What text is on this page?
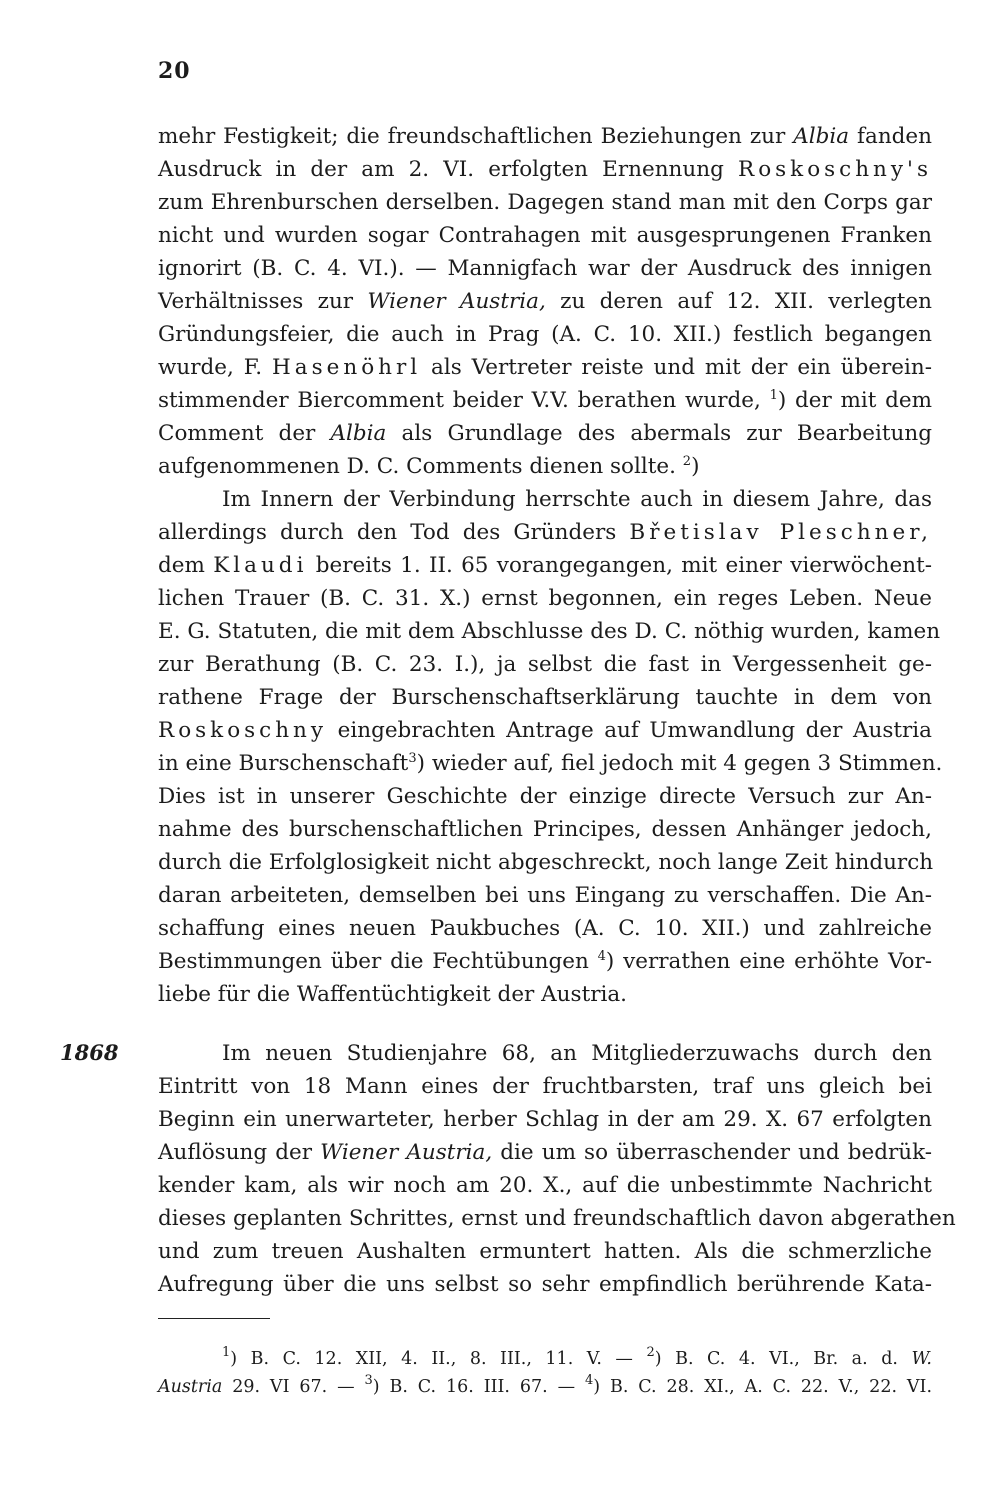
20
mehr Festigkeit; die freundschaftlichen Beziehungen zur Albia fanden
Ausdruck in der am 2. VI. erfolgten Ernennung Roskoschny's
zum Ehrenburschen derselben. Dagegen stand man mit den Corps gar
nicht und wurden sogar Contrahagen mit ausgesprungenen Franken
ignorirt (B. C. 4. VI.). — Mannigfach war der Ausdruck des innigen
Verhältnisses zur Wiener Austria, zu deren auf 12. XII. verlegten
Gründungsfeier, die auch in Prag (A. C. 10. XII.) festlich begangen
wurde, F. Hasenöhrl als Vertreter reiste und mit der ein überein-
stimmender Biercomment beider V.V. berathen wurde, $^1$) der mit dem
Comment der Albia als Grundlage des abermals zur Bearbeitung
aufgenommenen D. C. Comments dienen sollte. $^2$)
Im Innern der Verbindung herrschte auch in diesem Jahre, das
allerdings durch den Tod des Gründers Břetislav Pleschner,
dem Klaudi bereits 1. II. 65 vorangegangen, mit einer vierwöchent-
lichen Trauer (B. C. 31. X.) ernst begonnen, ein reges Leben. Neue
E. G. Statuten, die mit dem Abschlusse des D. C. nöthig wurden, kamen
zur Berathung (B. C. 23. I.), ja selbst die fast in Vergessenheit ge-
rathene Frage der Burschenschaftserklärung tauchte in dem von
Roskoschny eingebrachten Antrage auf Umwandlung der Austria
in eine Burschenschaft$^3$) wieder auf, fiel jedoch mit 4 gegen 3 Stimmen.
Dies ist in unserer Geschichte der einzige directe Versuch zur An-
nahme des burschenschaftlichen Principes, dessen Anhänger jedoch,
durch die Erfolglosigkeit nicht abgeschreckt, noch lange Zeit hindurch
daran arbeiteten, demselben bei uns Eingang zu verschaffen. Die An-
schaffung eines neuen Paukbuches (A. C. 10. XII.) und zahlreiche
Bestimmungen über die Fechtübungen $^4$) verrathen eine erhöhte Vor-
liebe für die Waffentüchtigkeit der Austria.
1868	Im neuen Studienjahre 68, an Mitgliederzuwachs durch den
Eintritt von 18 Mann eines der fruchtbarsten, traf uns gleich bei
Beginn ein unerwarteter, herber Schlag in der am 29. X. 67 erfolgten
Auflösung der Wiener Austria, die um so überraschender und bedrük-
kender kam, als wir noch am 20. X., auf die unbestimmte Nachricht
dieses geplanten Schrittes, ernst und freundschaftlich davon abgerathen
und zum treuen Aushalten ermuntert hatten. Als die schmerzliche
Aufregung über die uns selbst so sehr empfindlich berührende Kata-
$^1$) B. C. 12. XII, 4. II., 8. III., 11. V. — $^2$) B. C. 4. VI., Br. a. d. W.
Austria 29. VI 67. — $^3$) B. C. 16. III. 67. — $^4$) B. C. 28. XI., A. C. 22. V., 22. VI.
